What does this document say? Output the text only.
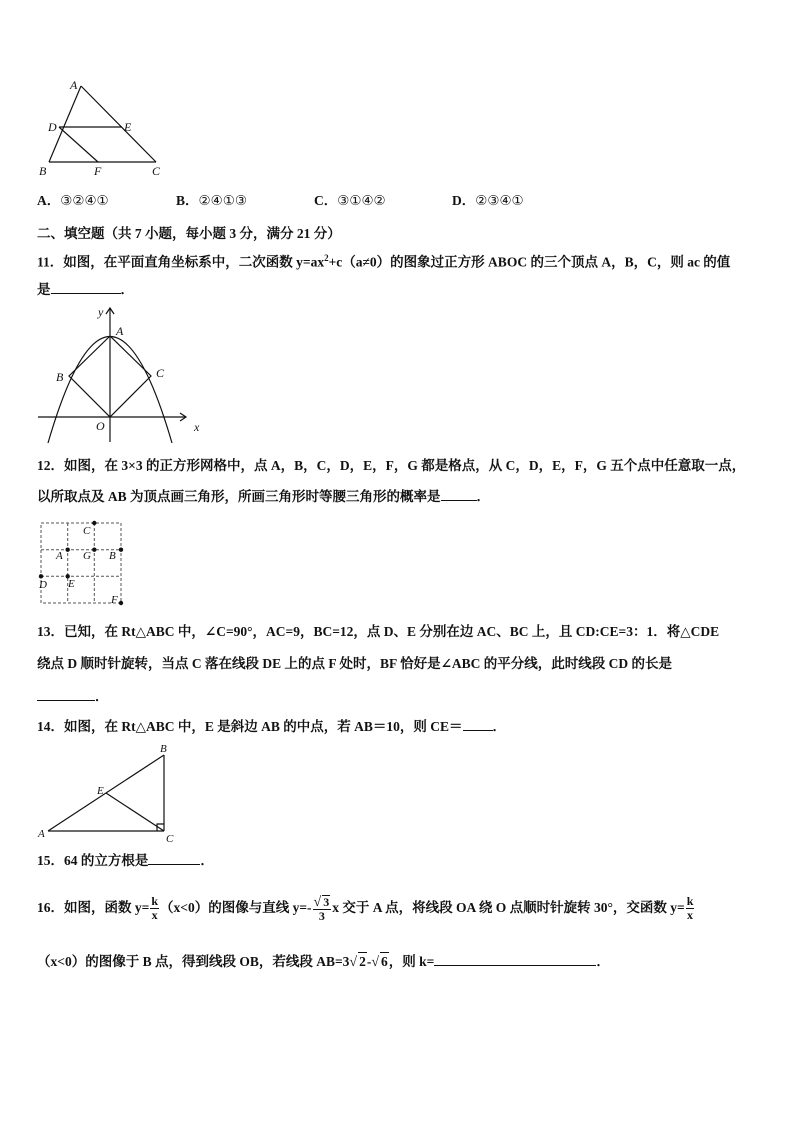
A
D	E
B	F	C
A．③②④①	B．②④①③	C．③①④②	D．②③④①
二、填空题（共 7 小题，每小题 3 分，满分 21 分）
11．如图，在平面直角坐标系中，二次函数 $y=ax^2+c(a\ne 0)$的图象过正方形 ABOC 的三个顶点 A，B，C，则 ac 的值
是	．
y
A
B	C
O	x
12．如图，在 3×3 的正方形网格中，点 A，B，C，D，E，F，G 都是格点，从 C，D，E，F，G 五个点中任意取一点，
以所取点及 AB 为顶点画三角形，所画三角形时等腰三角形的概率是	．
C
A G B
D E
F
13．已知，在 Rt△ABC 中，∠C=90°，AC=9，BC=12，点 D、E 分别在边 AC、BC 上，且 CD:CE=3：1．将△CDE
绕点 D 顺时针旋转，当点 C 落在线段 DE 上的点 F 处时，BF 恰好是∠ABC 的平分线，此时线段 CD 的长是
．
14．如图，在 Rt△ABC 中，E 是斜边 AB 的中点，若 AB＝10，则 CE＝ ．
A
B
C
E
15．64 的立方根是	．
16．如图，函数 $y= \frac{k}{x} (x<0)$的图像与直线 $y=- \frac{√ 3}{3}$ x 交于 A 点，将线段 OA 绕 O 点顺时针旋转 30°，交函数 $y= \frac{k}{x}$
（x<0）的图像于 B 点，得到线段 OB，若线段 AB=3√ 2-√ 6，则 k=	．
